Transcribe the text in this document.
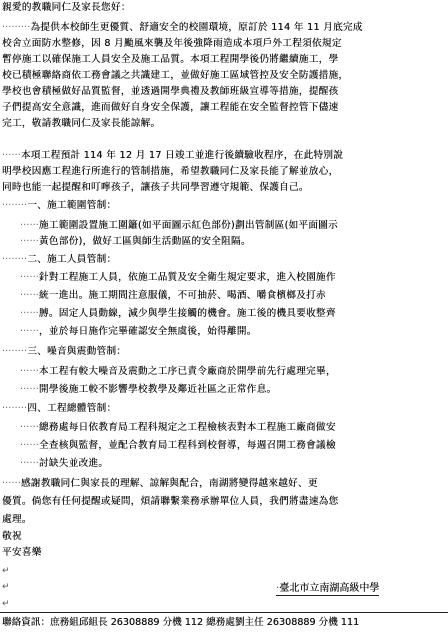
親愛的教職同仁及家長您好：
·········為提供本校師生更優質、舒適安全的校園環境，原訂於 114 年 11 月底完成
校舍立面防水整修，因 8 月颱風來襲及年後強降雨造成本項戶外工程須依規定
暫停施工以確保施工人員安全及施工品質。本項工程開學後仍將繼續施工，學
校已積極聯絡商依工務會議之共識建工，並做好施工區域管控及安全防護措施，
學校也會積極做好品質監督，並透過開學典禮及教師班級宣導等措施，提醒孩
子們提高安全意識，進而做好自身安全保護，讓工程能在安全監督控管下儘速
完工，敬請教職同仁及家長能諒解。
······本項工程預計 114 年 12 月 17 日竣工並進行後續驗收程序，在此特別說
明學校因應工程進行所進行的管制措施，希望教職同仁及家長能了解並放心，
同時也能一起提醒和叮嚀孩子，讓孩子共同學習遵守規範、保護自己。
········一、施工範圍管制：
······施工範圍設置施工圍籬(如平面圖示紅色部份)劃出管制區(如平面圖示
······黃色部份)，做好工區與師生活動區的安全阻隔。
········二、施工人員管制：
······針對工程施工人員，依施工品質及安全衛生規定要求，進入校園施作
······統一進出。施工期間注意服儀，不可抽菸、喝酒、嚼食檳榔及打赤
······膊。固定人員動線，減少與學生接觸的機會。施工後的機具要收整齊
······，並於每日施作完畢確認安全無虞後，始得離開。
········三、噪音與震動管制：
······本工程有較大噪音及震動之工序已責令廠商於開學前先行處理完畢，
······開學後施工較不影響學校教學及鄰近社區之正常作息。
········四、工程總體管制：
······總務處每日依教育局工程科規定之工程檢核表對本工程施工廠商做安
······全查核與監督，並配合教育局工程科到校督導，每週召開工務會議檢
······討缺失並改進。
······感謝教職同仁與家長的理解、諒解與配合，南湖將變得越來越好、更
優質。倘您有任何提醒或疑問，煩請聯繫業務承辦單位人員，我們將盡速為您
處理。
敬祝
平安喜樂
↵
↵
↵
·臺北市立南湖高級中學
聯絡資訊：庶務組邱組長 26308889 分機 112 總務處劉主任 26308889 分機 111
